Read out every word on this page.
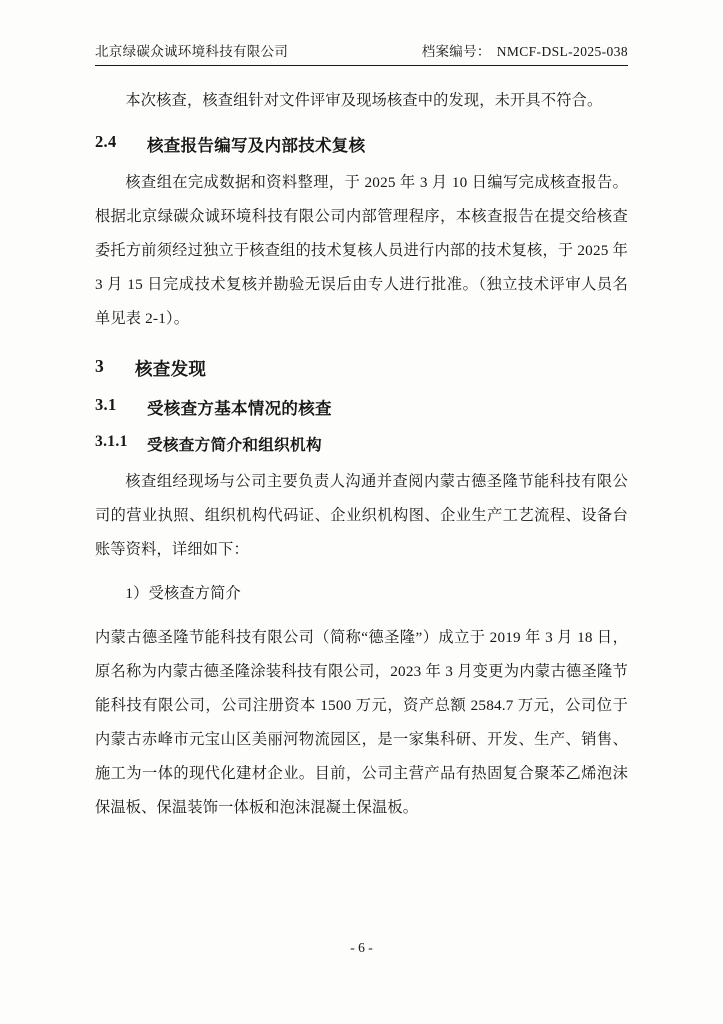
北京绿碳众诚环境科技有限公司	档案编号： NMCF-DSL-2025-038

本次核查，核查组针对文件评审及现场核查中的发现，未开具不符合。

2.4	核查报告编写及内部技术复核

核查组在完成数据和资料整理，于 2025 年 3 月 10 日编写完成核查报告。根据北京绿碳众诚环境科技有限公司内部管理程序，本核查报告在提交给核查委托方前须经过独立于核查组的技术复核人员进行内部的技术复核，于 2025 年 3 月 15 日完成技术复核并勘验无误后由专人进行批准。（独立技术评审人员名单见表 2-1）。

3	核查发现
3.1	受核查方基本情况的核查
3.1.1	受核查方简介和组织机构

核查组经现场与公司主要负责人沟通并查阅内蒙古德圣隆节能科技有限公司的营业执照、组织机构代码证、企业织机构图、企业生产工艺流程、设备台账等资料，详细如下：

1）受核查方简介

内蒙古德圣隆节能科技有限公司（简称“德圣隆”）成立于 2019 年 3 月 18 日，原名称为内蒙古德圣隆涂装科技有限公司，2023 年 3 月变更为内蒙古德圣隆节能科技有限公司，公司注册资本 1500 万元，资产总额 2584.7 万元，公司位于内蒙古赤峰市元宝山区美丽河物流园区，是一家集科研、开发、生产、销售、施工为一体的现代化建材企业。目前，公司主营产品有热固复合聚苯乙烯泡沫保温板、保温装饰一体板和泡沫混凝土保温板。

- 6 -
